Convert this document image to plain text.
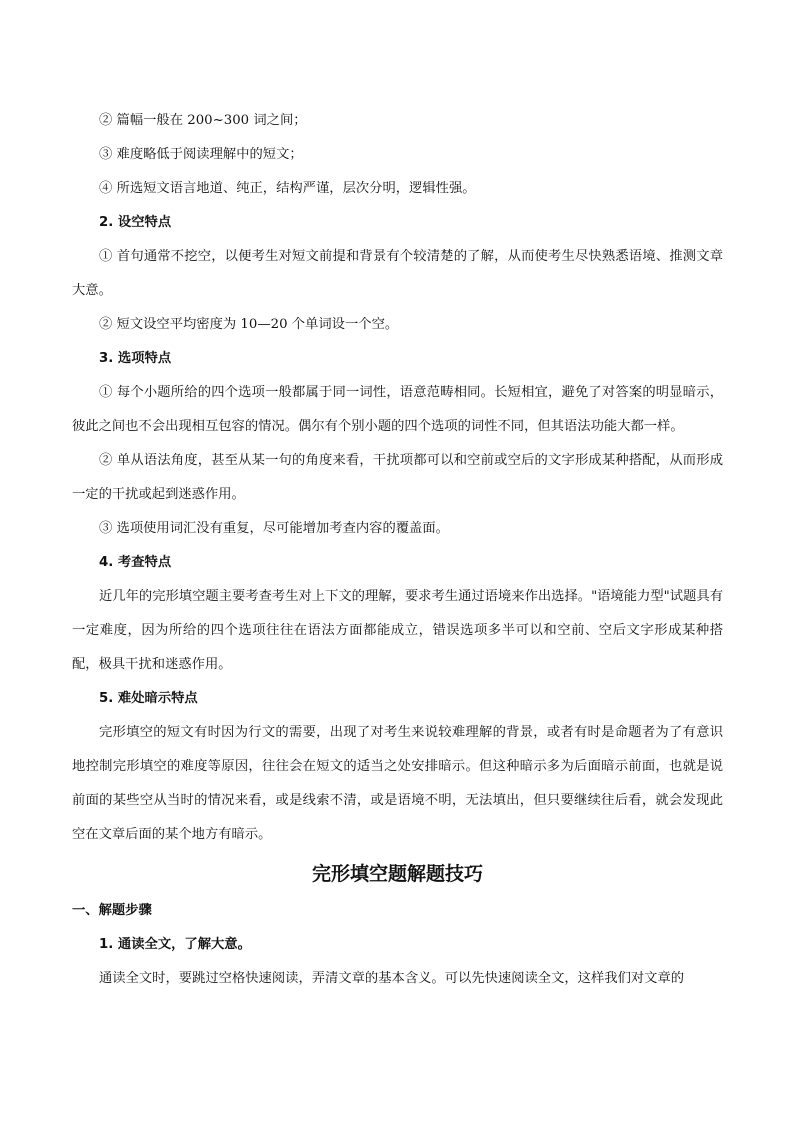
② 篇幅一般在 200~300 词之间；

③ 难度略低于阅读理解中的短文；

④ 所选短文语言地道、纯正，结构严谨，层次分明，逻辑性强。

2. 设空特点

① 首句通常不挖空，以便考生对短文前提和背景有个较清楚的了解，从而使考生尽快熟悉语境、推测文章大意。

② 短文设空平均密度为 10—20 个单词设一个空。

3. 选项特点

① 每个小题所给的四个选项一般都属于同一词性，语意范畴相同。长短相宜，避免了对答案的明显暗示，彼此之间也不会出现相互包容的情况。偶尔有个别小题的四个选项的词性不同，但其语法功能大都一样。

② 单从语法角度，甚至从某一句的角度来看，干扰项都可以和空前或空后的文字形成某种搭配，从而形成一定的干扰或起到迷惑作用。

③ 选项使用词汇没有重复，尽可能增加考查内容的覆盖面。

4. 考查特点

近几年的完形填空题主要考查考生对上下文的理解，要求考生通过语境来作出选择。"语境能力型"试题具有一定难度，因为所给的四个选项往往在语法方面都能成立，错误选项多半可以和空前、空后文字形成某种搭配，极具干扰和迷惑作用。

5. 难处暗示特点

完形填空的短文有时因为行文的需要，出现了对考生来说较难理解的背景，或者有时是命题者为了有意识地控制完形填空的难度等原因，往往会在短文的适当之处安排暗示。但这种暗示多为后面暗示前面，也就是说前面的某些空从当时的情况来看，或是线索不清，或是语境不明，无法填出，但只要继续往后看，就会发现此空在文章后面的某个地方有暗示。

完形填空题解题技巧

一、解题步骤

1. 通读全文，了解大意。

通读全文时，要跳过空格快速阅读，弄清文章的基本含义。可以先快速阅读全文，这样我们对文章的
